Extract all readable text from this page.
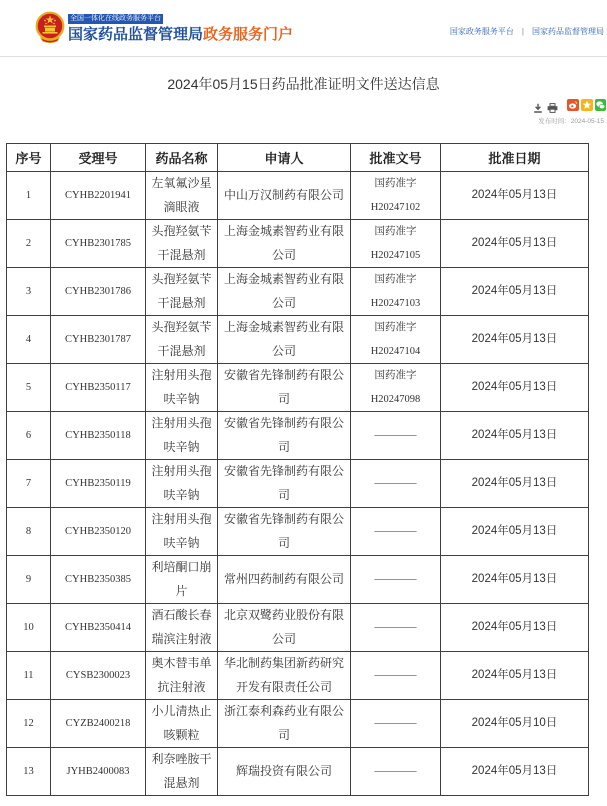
全国一体化在线政务服务平台
国家药品监督管理局政务服务门户	国家政务服务平台 | 国家药品监督管理局
2024年05月15日药品批准证明文件送达信息
发布时间：2024-05-15
序号	受理号	药品名称	申请人	批准文号	批准日期
1	CYHB2201941	左氧氟沙星滴眼液	中山万汉制药有限公司	国药准字H20247102	2024年05月13日
2	CYHB2301785	头孢羟氨苄干混悬剂	上海金城素智药业有限公司	国药准字H20247105	2024年05月13日
3	CYHB2301786	头孢羟氨苄干混悬剂	上海金城素智药业有限公司	国药准字H20247103	2024年05月13日
4	CYHB2301787	头孢羟氨苄干混悬剂	上海金城素智药业有限公司	国药准字H20247104	2024年05月13日
5	CYHB2350117	注射用头孢呋辛钠	安徽省先锋制药有限公司	国药准字H20247098	2024年05月13日
6	CYHB2350118	注射用头孢呋辛钠	安徽省先锋制药有限公司	————	2024年05月13日
7	CYHB2350119	注射用头孢呋辛钠	安徽省先锋制药有限公司	————	2024年05月13日
8	CYHB2350120	注射用头孢呋辛钠	安徽省先锋制药有限公司	————	2024年05月13日
9	CYHB2350385	利培酮口崩片	常州四药制药有限公司	————	2024年05月13日
10	CYHB2350414	酒石酸长春瑞滨注射液	北京双鹭药业股份有限公司	————	2024年05月13日
11	CYSB2300023	奥木替韦单抗注射液	华北制药集团新药研究开发有限责任公司	————	2024年05月13日
12	CYZB2400218	小儿清热止咳颗粒	浙江泰利森药业有限公司	————	2024年05月10日
13	JYHB2400083	利奈唑胺干混悬剂	辉瑞投资有限公司	————	2024年05月13日
